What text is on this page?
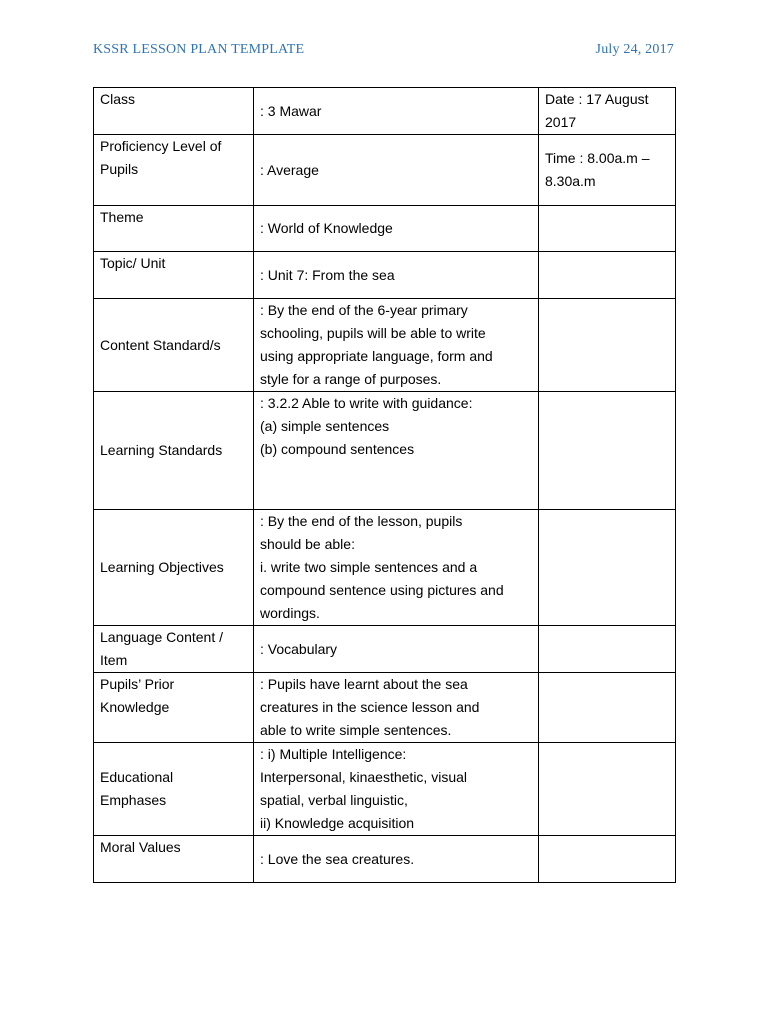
KSSR LESSON PLAN TEMPLATE	July 24, 2017
Class	: 3 Mawar	Date : 17 August
2017

Proficiency Level of
Pupils	: Average	Time : 8.00a.m –
8.30a.m

Theme	: World of Knowledge	

Topic/ Unit	: Unit 7: From the sea	

Content Standard/s	: By the end of the 6-year primary
schooling, pupils will be able to write
using appropriate language, form and
style for a range of purposes.	

Learning Standards	: 3.2.2 Able to write with guidance:
(a) simple sentences
(b) compound sentences	

Learning Objectives	: By the end of the lesson, pupils
should be able:
i. write two simple sentences and a
compound sentence using pictures and
wordings.	

Language Content /
Item	: Vocabulary	

Pupils’ Prior
Knowledge	: Pupils have learnt about the sea
creatures in the science lesson and
able to write simple sentences.	

Educational
Emphases	: i) Multiple Intelligence:
Interpersonal, kinaesthetic, visual
spatial, verbal linguistic,
ii) Knowledge acquisition	

Moral Values	: Love the sea creatures.	
